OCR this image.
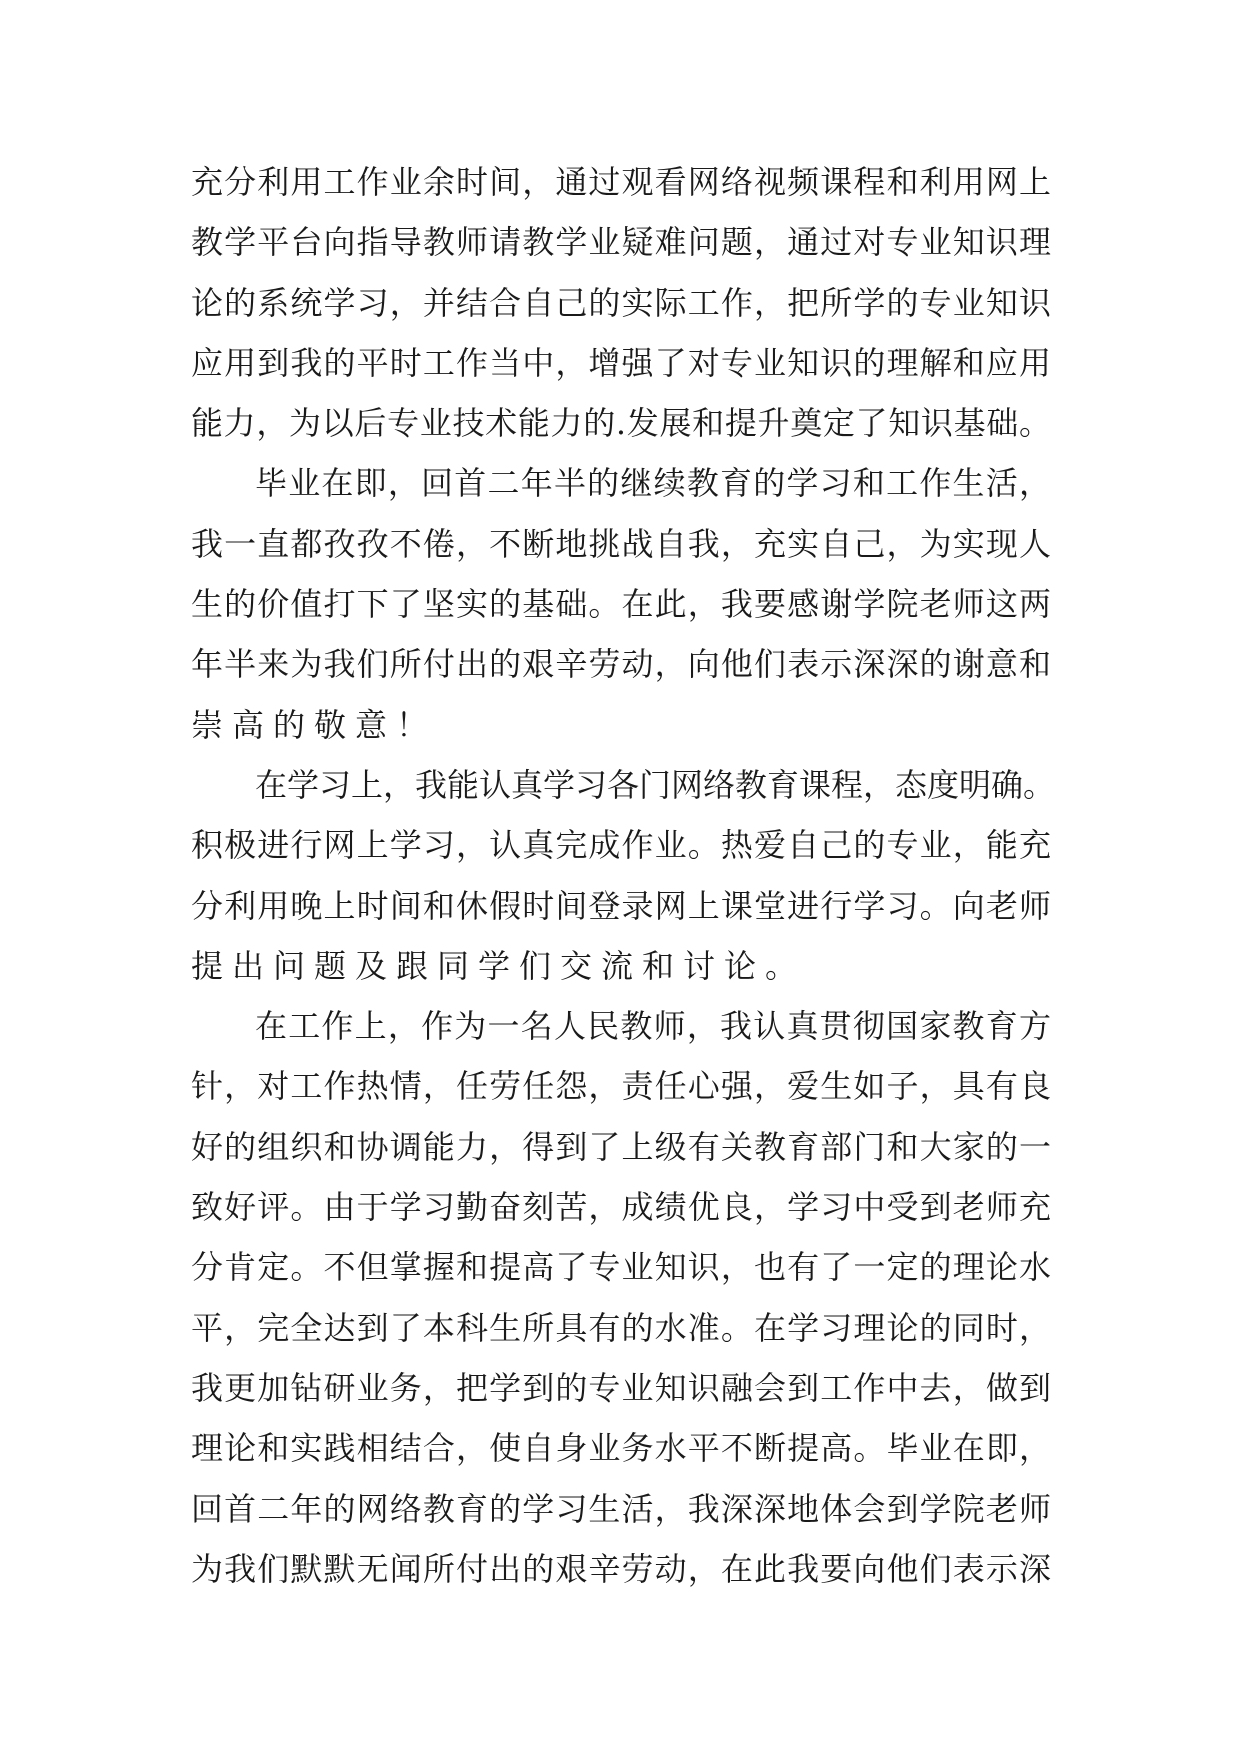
充分利用工作业余时间，通过观看网络视频课程和利用网上
教学平台向指导教师请教学业疑难问题，通过对专业知识理
论的系统学习，并结合自己的实际工作，把所学的专业知识
应用到我的平时工作当中，增强了对专业知识的理解和应用
能力，为以后专业技术能力的.发展和提升奠定了知识基础。
毕业在即，回首二年半的继续教育的学习和工作生活，
我一直都孜孜不倦，不断地挑战自我，充实自己，为实现人
生的价值打下了坚实的基础。在此，我要感谢学院老师这两
年半来为我们所付出的艰辛劳动，向他们表示深深的谢意和
崇高的敬意！
在学习上，我能认真学习各门网络教育课程，态度明确。
积极进行网上学习，认真完成作业。热爱自己的专业，能充
分利用晚上时间和休假时间登录网上课堂进行学习。向老师
提出问题及跟同学们交流和讨论。
在工作上，作为一名人民教师，我认真贯彻国家教育方
针，对工作热情，任劳任怨，责任心强，爱生如子，具有良
好的组织和协调能力，得到了上级有关教育部门和大家的一
致好评。由于学习勤奋刻苦，成绩优良，学习中受到老师充
分肯定。不但掌握和提高了专业知识，也有了一定的理论水
平，完全达到了本科生所具有的水准。在学习理论的同时，
我更加钻研业务，把学到的专业知识融会到工作中去，做到
理论和实践相结合，使自身业务水平不断提高。毕业在即，
回首二年的网络教育的学习生活，我深深地体会到学院老师
为我们默默无闻所付出的艰辛劳动，在此我要向他们表示深
